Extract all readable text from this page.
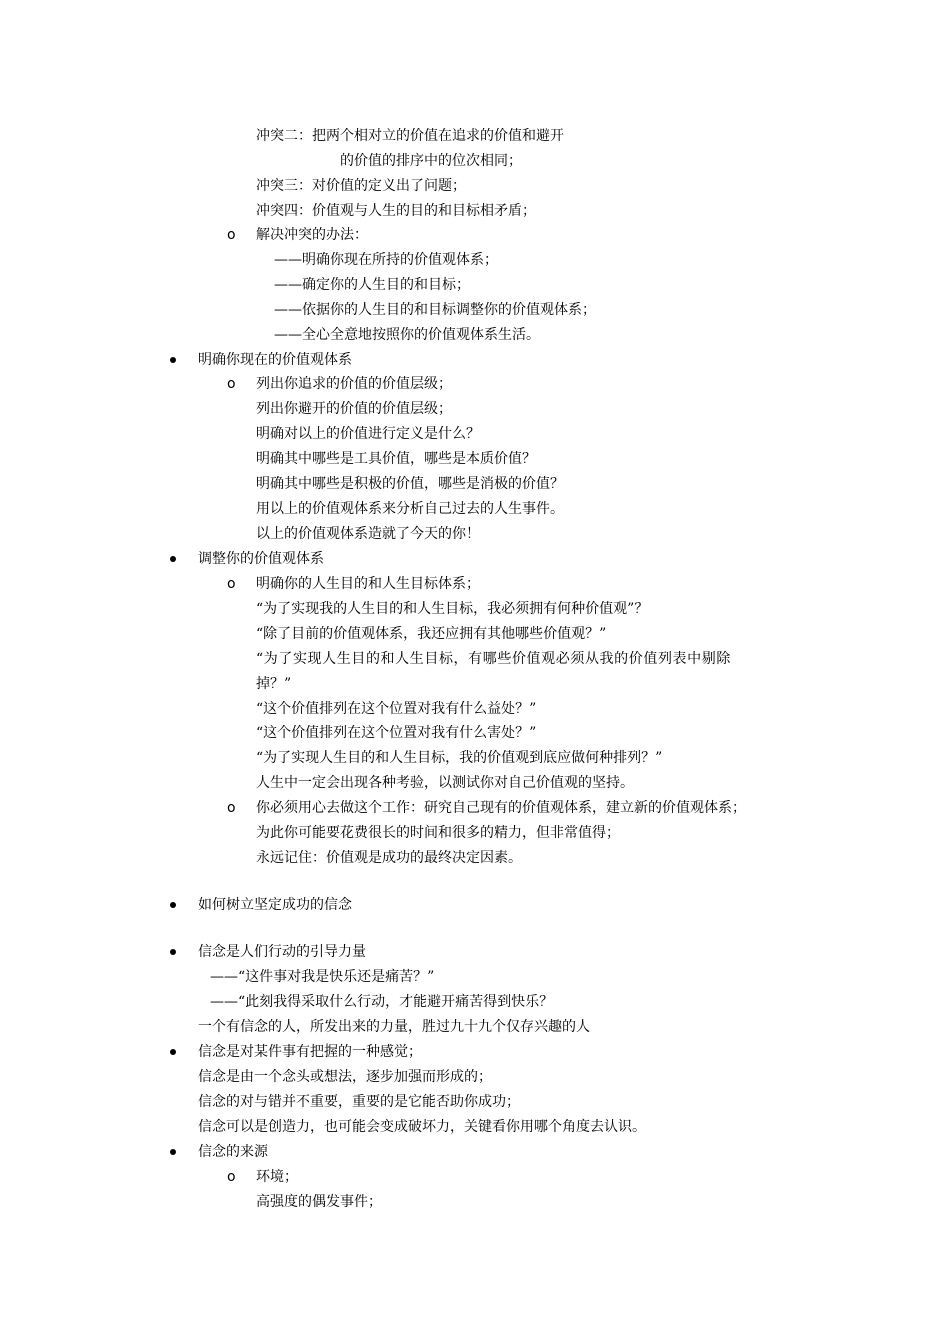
冲突二：把两个相对立的价值在追求的价值和避开
的价值的排序中的位次相同；
冲突三：对价值的定义出了问题；
冲突四：价值观与人生的目的和目标相矛盾；
o 解决冲突的办法：
——明确你现在所持的价值观体系；
——确定你的人生目的和目标；
——依据你的人生目的和目标调整你的价值观体系；
——全心全意地按照你的价值观体系生活。
明确你现在的价值观体系
o 列出你追求的价值的价值层级；
列出你避开的价值的价值层级；
明确对以上的价值进行定义是什么？
明确其中哪些是工具价值，哪些是本质价值？
明确其中哪些是积极的价值，哪些是消极的价值？
用以上的价值观体系来分析自己过去的人生事件。
以上的价值观体系造就了今天的你！
调整你的价值观体系
o 明确你的人生目的和人生目标体系；
“为了实现我的人生目的和人生目标，我必须拥有何种价值观”？
“除了目前的价值观体系，我还应拥有其他哪些价值观？”
“为了实现人生目的和人生目标，有哪些价值观必须从我的价值列表中剔除
掉？”
“这个价值排列在这个位置对我有什么益处？”
“这个价值排列在这个位置对我有什么害处？”
“为了实现人生目的和人生目标，我的价值观到底应做何种排列？”
人生中一定会出现各种考验，以测试你对自己价值观的坚持。
o 你必须用心去做这个工作：研究自己现有的价值观体系，建立新的价值观体系；
为此你可能要花费很长的时间和很多的精力，但非常值得；
永远记住：价值观是成功的最终决定因素。
如何树立坚定成功的信念
信念是人们行动的引导力量
——“这件事对我是快乐还是痛苦？”
——“此刻我得采取什么行动，才能避开痛苦得到快乐？
一个有信念的人，所发出来的力量，胜过九十九个仅存兴趣的人
信念是对某件事有把握的一种感觉；
信念是由一个念头或想法，逐步加强而形成的；
信念的对与错并不重要，重要的是它能否助你成功；
信念可以是创造力，也可能会变成破坏力，关键看你用哪个角度去认识。
信念的来源
o 环境；
高强度的偶发事件；
